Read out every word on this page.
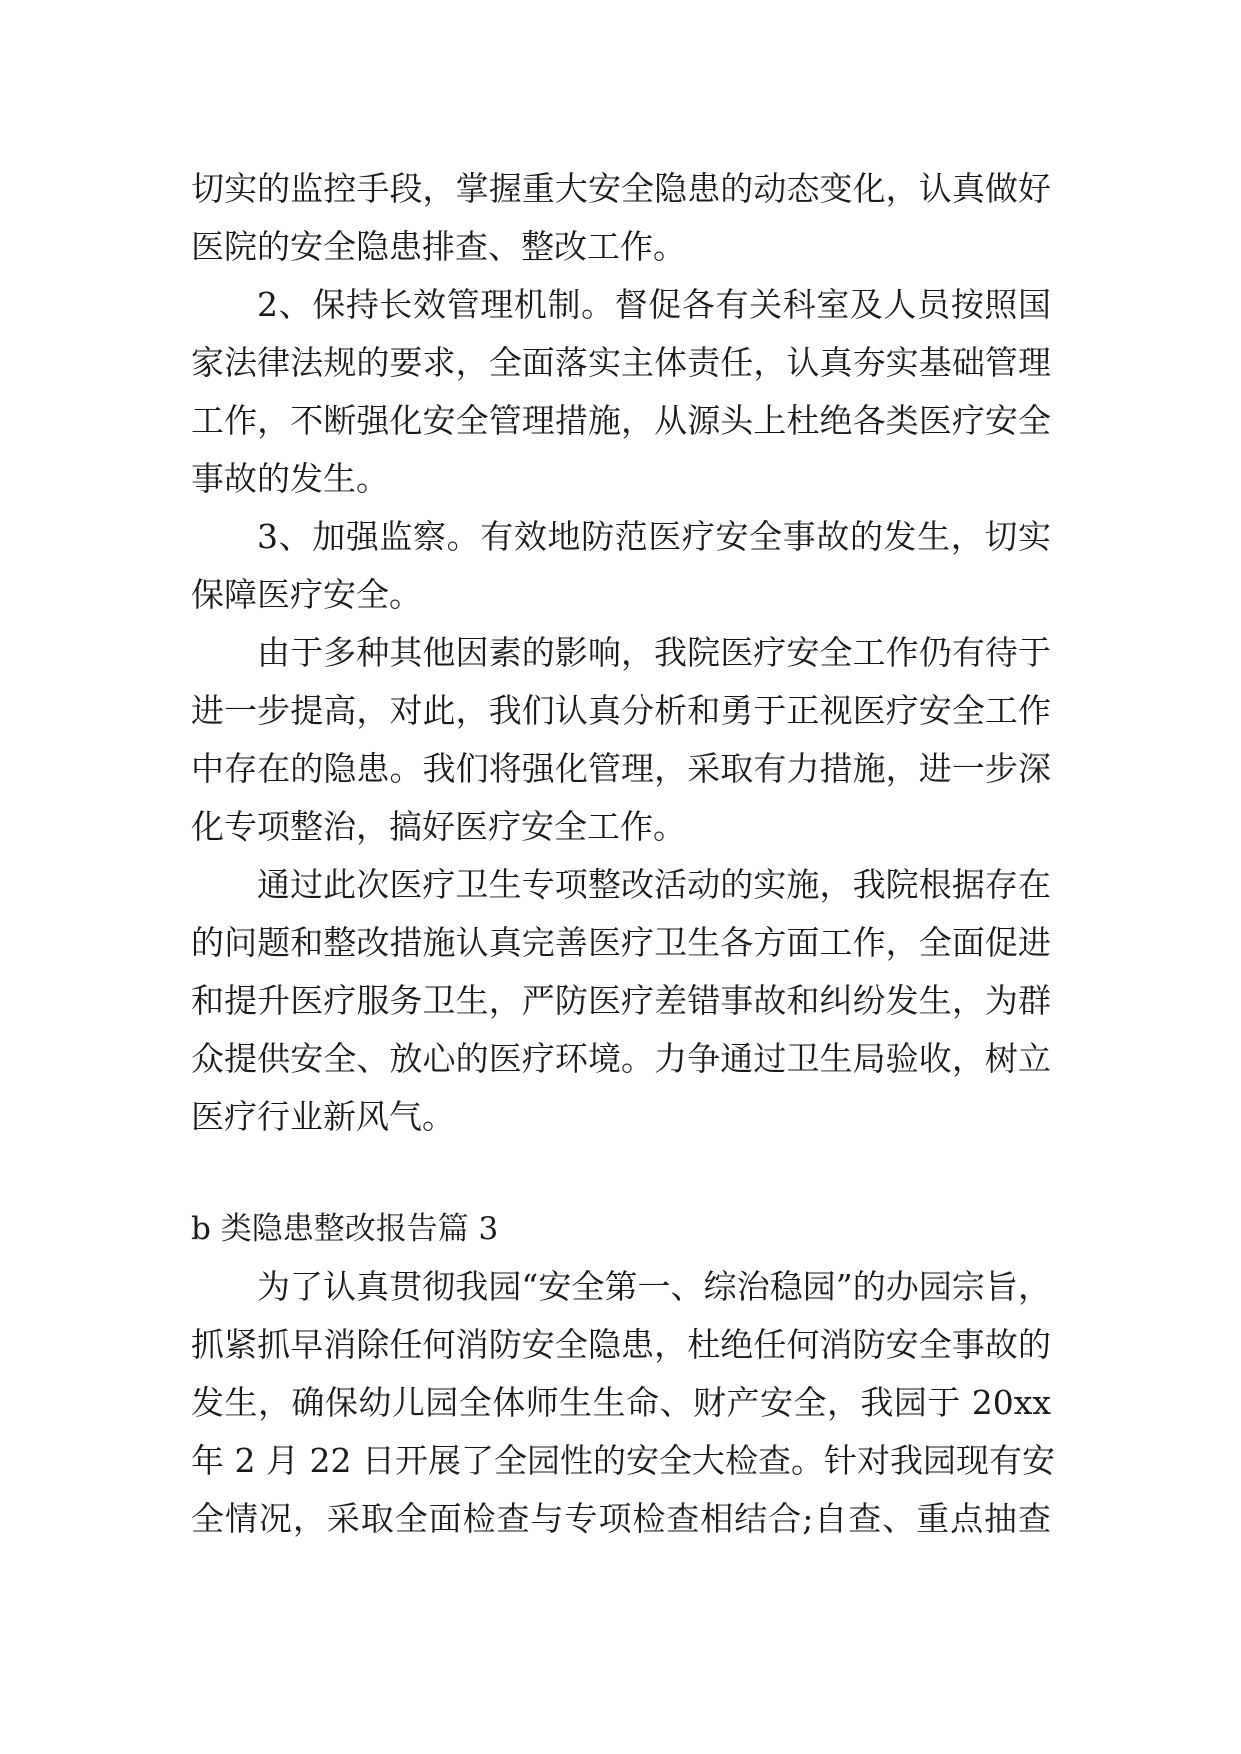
切实的监控手段，掌握重大安全隐患的动态变化，认真做好
医院的安全隐患排查、整改工作。
2、保持长效管理机制。督促各有关科室及人员按照国
家法律法规的要求，全面落实主体责任，认真夯实基础管理
工作，不断强化安全管理措施，从源头上杜绝各类医疗安全
事故的发生。
3、加强监察。有效地防范医疗安全事故的发生，切实
保障医疗安全。
由于多种其他因素的影响，我院医疗安全工作仍有待于
进一步提高，对此，我们认真分析和勇于正视医疗安全工作
中存在的隐患。我们将强化管理，采取有力措施，进一步深
化专项整治，搞好医疗安全工作。
通过此次医疗卫生专项整改活动的实施，我院根据存在
的问题和整改措施认真完善医疗卫生各方面工作，全面促进
和提升医疗服务卫生，严防医疗差错事故和纠纷发生，为群
众提供安全、放心的医疗环境。力争通过卫生局验收，树立
医疗行业新风气。
b 类隐患整改报告篇 3
为了认真贯彻我园“安全第一、综治稳园”的办园宗旨，
抓紧抓早消除任何消防安全隐患，杜绝任何消防安全事故的
发生，确保幼儿园全体师生生命、财产安全，我园于 20xx
年 2 月 22 日开展了全园性的安全大检查。针对我园现有安
全情况，采取全面检查与专项检查相结合;自查、重点抽查
